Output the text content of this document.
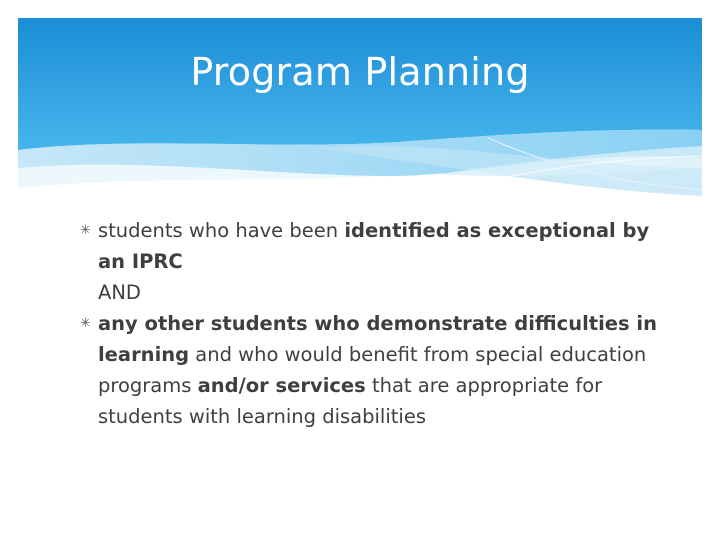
Program Planning
✳ students who have been identified as exceptional by an IPRC
AND
✳ any other students who demonstrate difficulties in learning and who would benefit from special education programs and/or services that are appropriate for students with learning disabilities
